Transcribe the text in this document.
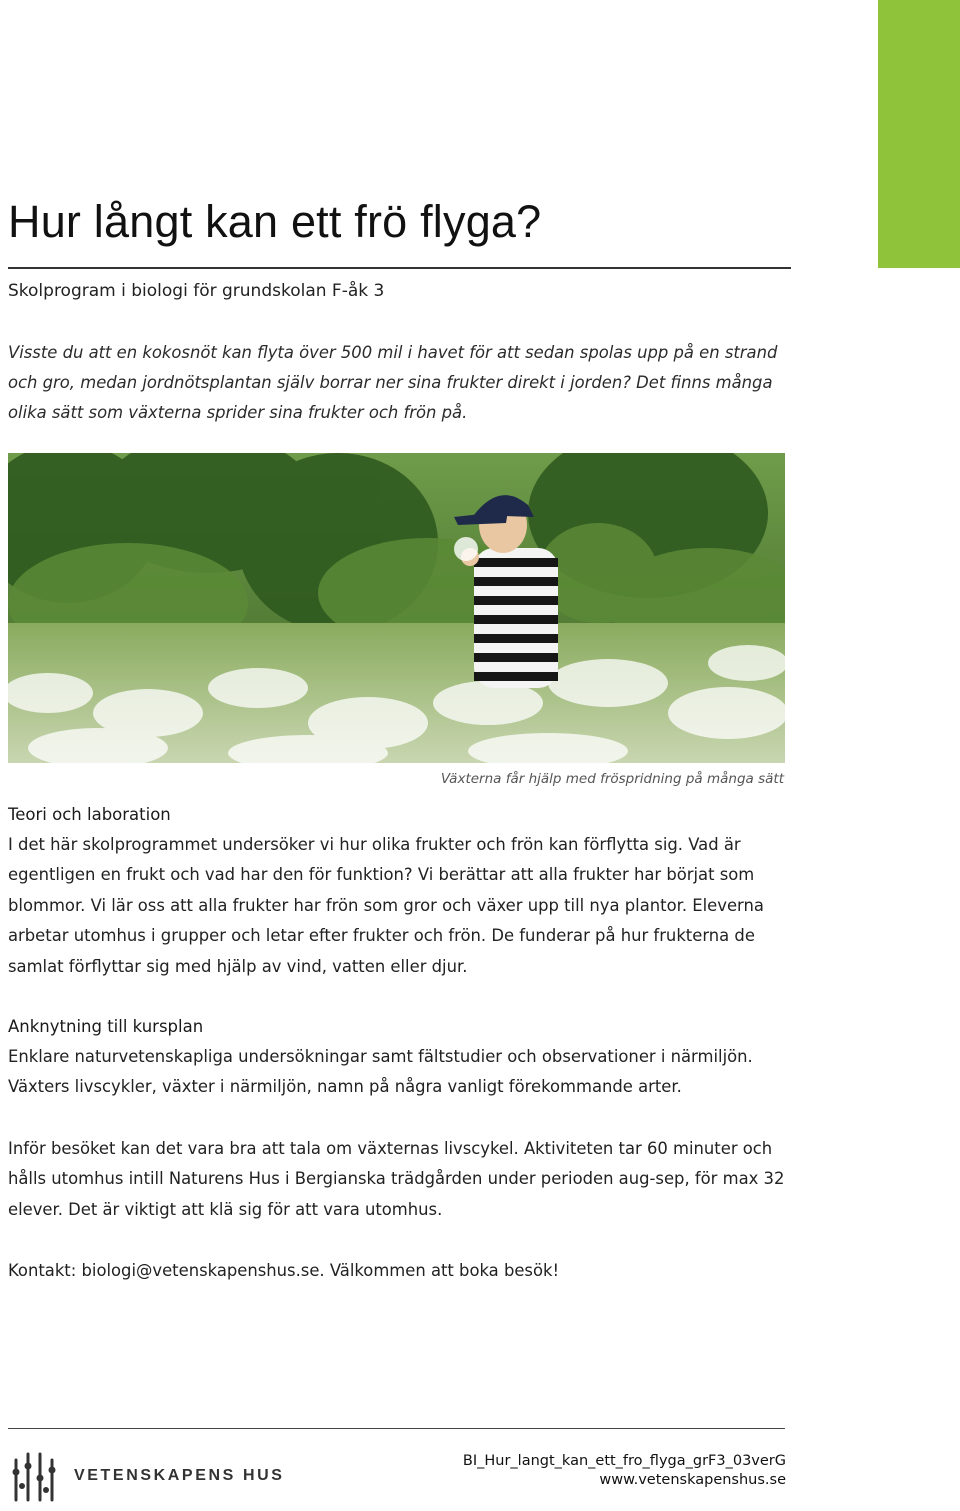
Hur långt kan ett frö flyga?
Skolprogram i biologi för grundskolan F-åk 3

Visste du att en kokosnöt kan flyta över 500 mil i havet för att sedan spolas upp på en strand och gro, medan jordnötsplantan själv borrar ner sina frukter direkt i jorden? Det finns många olika sätt som växterna sprider sina frukter och frön på.

Växterna får hjälp med fröspridning på många sätt
Teori och laboration

I det här skolprogrammet undersöker vi hur olika frukter och frön kan förflytta sig. Vad är egentligen en frukt och vad har den för funktion? Vi berättar att alla frukter har börjat som blommor. Vi lär oss att alla frukter har frön som gror och växer upp till nya plantor. Eleverna arbetar utomhus i grupper och letar efter frukter och frön. De funderar på hur frukterna de samlat förflyttar sig med hjälp av vind, vatten eller djur.

Anknytning till kursplan

Enklare naturvetenskapliga undersökningar samt fältstudier och observationer i närmiljön. Växters livscykler, växter i närmiljön, namn på några vanligt förekommande arter.

Inför besöket kan det vara bra att tala om växternas livscykel. Aktiviteten tar 60 minuter och hålls utomhus intill Naturens Hus i Bergianska trädgården under perioden aug-sep, för max 32 elever. Det är viktigt att klä sig för att vara utomhus.

Kontakt: biologi@vetenskapenshus.se. Välkommen att boka besök!

VETENSKAPENS HUS
BI_Hur_langt_kan_ett_fro_flyga_grF3_03verG
www.vetenskapenshus.se
